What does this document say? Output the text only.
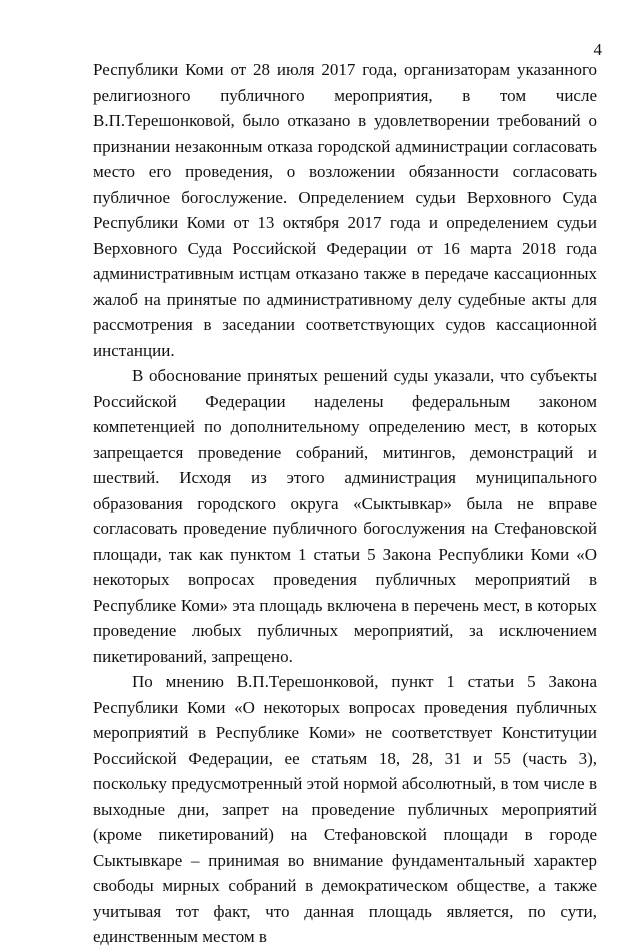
4

Республики Коми от 28 июля 2017 года, организаторам указанного религиозного публичного мероприятия, в том числе В.П.Терешонковой, было отказано в удовлетворении требований о признании незаконным отказа городской администрации согласовать место его проведения, о возложении обязанности согласовать публичное богослужение. Определением судьи Верховного Суда Республики Коми от 13 октября 2017 года и определением судьи Верховного Суда Российской Федерации от 16 марта 2018 года административным истцам отказано также в передаче кассационных жалоб на принятые по административному делу судебные акты для рассмотрения в заседании соответствующих судов кассационной инстанции.

В обоснование принятых решений суды указали, что субъекты Российской Федерации наделены федеральным законом компетенцией по дополнительному определению мест, в которых запрещается проведение собраний, митингов, демонстраций и шествий. Исходя из этого администрация муниципального образования городского округа «Сыктывкар» была не вправе согласовать проведение публичного богослужения на Стефановской площади, так как пунктом 1 статьи 5 Закона Республики Коми «О некоторых вопросах проведения публичных мероприятий в Республике Коми» эта площадь включена в перечень мест, в которых проведение любых публичных мероприятий, за исключением пикетирований, запрещено.

По мнению В.П.Терешонковой, пункт 1 статьи 5 Закона Республики Коми «О некоторых вопросах проведения публичных мероприятий в Республике Коми» не соответствует Конституции Российской Федерации, ее статьям 18, 28, 31 и 55 (часть 3), поскольку предусмотренный этой нормой абсолютный, в том числе в выходные дни, запрет на проведение публичных мероприятий (кроме пикетирований) на Стефановской площади в городе Сыктывкаре – принимая во внимание фундаментальный характер свободы мирных собраний в демократическом обществе, а также учитывая тот факт, что данная площадь является, по сути, единственным местом в
